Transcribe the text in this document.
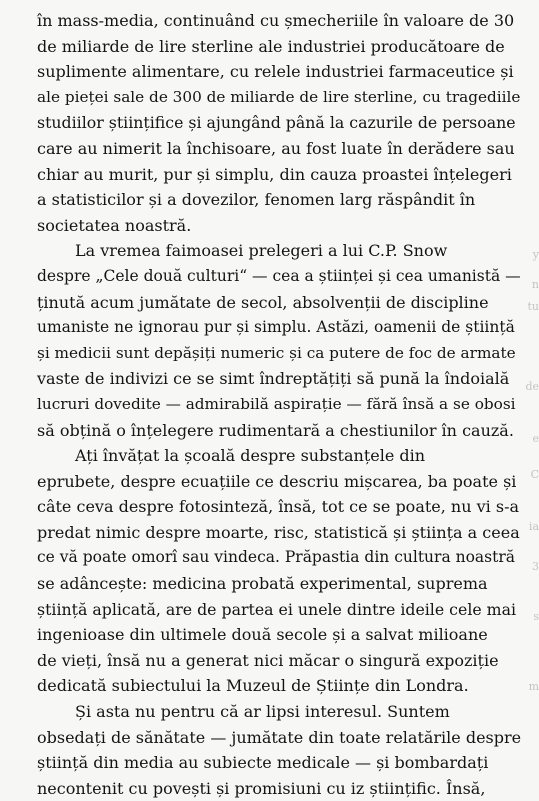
în mass-media, continuând cu șmecheriile în valoare de 30
de miliarde de lire sterline ale industriei producătoare de
suplimente alimentare, cu relele industriei farmaceutice și
ale pieței sale de 300 de miliarde de lire sterline, cu tragediile
studiilor științifice și ajungând până la cazurile de persoane
care au nimerit la închisoare, au fost luate în derădere sau
chiar au murit, pur și simplu, din cauza proastei înțelegeri
a statisticilor și a dovezilor, fenomen larg răspândit în
societatea noastră.
La vremea faimoasei prelegeri a lui C.P. Snow
despre „Cele două culturi“ — cea a științei și cea umanistă —
ținută acum jumătate de secol, absolvenții de discipline
umaniste ne ignorau pur și simplu. Astăzi, oamenii de știință
și medicii sunt depășiți numeric și ca putere de foc de armate
vaste de indivizi ce se simt îndreptățiți să pună la îndoială
lucruri dovedite — admirabilă aspirație — fără însă a se obosi
să obțină o înțelegere rudimentară a chestiunilor în cauză.
Ați învățat la școală despre substanțele din
eprubete, despre ecuațiile ce descriu mișcarea, ba poate și
câte ceva despre fotosinteză, însă, tot ce se poate, nu vi s-a
predat nimic despre moarte, risc, statistică și știința a ceea
ce vă poate omorî sau vindeca. Prăpastia din cultura noastră
se adâncește: medicina probată experimental, suprema
știință aplicată, are de partea ei unele dintre ideile cele mai
ingenioase din ultimele două secole și a salvat milioane
de vieți, însă nu a generat nici măcar o singură expoziție
dedicată subiectului la Muzeul de Științe din Londra.
Și asta nu pentru că ar lipsi interesul. Suntem
obsedați de sănătate — jumătate din toate relatările despre
știință din media au subiecte medicale — și bombardați
necontenit cu povești și promisiuni cu iz științific. Însă,
y
n
tu
de
e
C
ia
3
s
m
